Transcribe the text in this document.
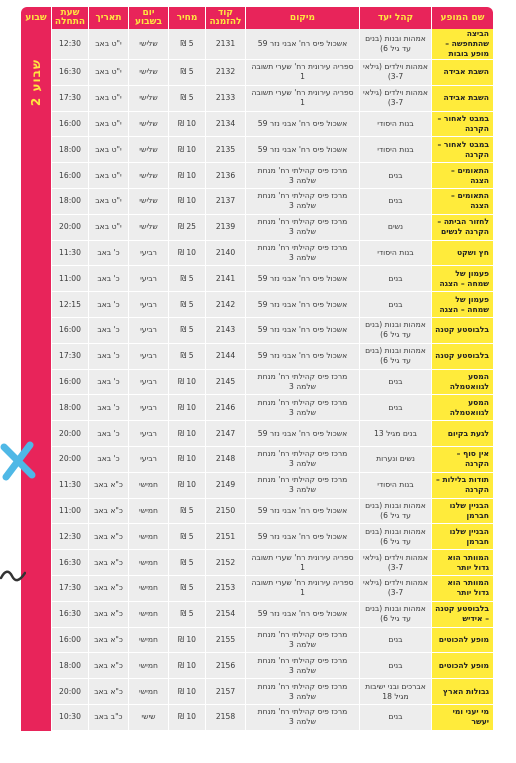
שם המופע	קהל יעד	מיקום	קוד להזמנה	מחיר	יום בשבוע	תאריך	שעת התחלה	שבוע
הביצה שהתחפשה – מופע בובות	אמהות ובנות (בנים עד גיל 6)	אשכול פיס רח' אבני נזר 59	2131	5 ₪	שלישי	י"ט באב	12:30	שבוע 2
השבת אבידה	אמהות וילדים (גילאי 3-7)	ספריה עירונית רח' שערי תשובה 1	2132	5 ₪	שלישי	י"ט באב	16:30	
השבת אבידה	אמהות וילדים (גילאי 3-7)	ספריה עירונית רח' שערי תשובה 1	2133	5 ₪	שלישי	י"ט באב	17:30	
במבט לאחור – הקרנה	בנות היסודי	אשכול פיס רח' אבני נזר 59	2134	10 ₪	שלישי	י"ט באב	16:00	
במבט לאחור – הקרנה	בנות היסודי	אשכול פיס רח' אבני נזר 59	2135	10 ₪	שלישי	י"ט באב	18:00	
התאומים – הצגה	בנים	מרכז פיס קהילתי רח' מנחת שלמה 3	2136	10 ₪	שלישי	י"ט באב	16:00	
התאומים – הצגה	בנים	מרכז פיס קהילתי רח' מנחת שלמה 3	2137	10 ₪	שלישי	י"ט באב	18:00	
לחזור הביתה – הקרנה לנשים	נשים	מרכז פיס קהילתי רח' מנחת שלמה 3	2139	25 ₪	שלישי	י"ט באב	20:00	
חץ ושקט	בנות היסודי	מרכז פיס קהילתי רח' מנחת שלמה 3	2140	10 ₪	רביעי	כ' באב	11:30	
פעמון של שמחה – הצגה	בנים	אשכול פיס רח' אבני נזר 59	2141	5 ₪	רביעי	כ' באב	11:00	
פעמון של שמחה – הצגה	בנים	אשכול פיס רח' אבני נזר 59	2142	5 ₪	רביעי	כ' באב	12:15	
בלבוסטע קטנה	אמהות ובנות (בנים עד גיל 6)	אשכול פיס רח' אבני נזר 59	2143	5 ₪	רביעי	כ' באב	16:00	
בלבוסטע קטנה	אמהות ובנות (בנים עד גיל 6)	אשכול פיס רח' אבני נזר 59	2144	5 ₪	רביעי	כ' באב	17:30	
המסע לגוואטמלה	בנים	מרכז פיס קהילתי רח' מנחת שלמה 3	2145	10 ₪	רביעי	כ' באב	16:00	
המסע לגוואטמלה	בנים	מרכז פיס קהילתי רח' מנחת שלמה 3	2146	10 ₪	רביעי	כ' באב	18:00	
לגעת בקיום	בנים מגיל 13	אשכול פיס רח' אבני נזר 59	2147	10 ₪	רביעי	כ' באב	20:00	
אין סוף – הקרנה	נשים ונערות	מרכז פיס קהילתי רח' מנחת שלמה 3	2148	10 ₪	רביעי	כ' באב	20:00	
תודות בלילות – הקרנה	בנות היסודי	מרכז פיס קהילתי רח' מנחת שלמה 3	2149	10 ₪	חמישי	כ"א באב	11:30	
הבניין שלנו חברמן	אמהות ובנות (בנים עד גיל 6)	אשכול פיס רח' אבני נזר 59	2150	5 ₪	חמישי	כ"א באב	11:00	
הבניין שלנו חברמן	אמהות ובנות (בנים עד גיל 6)	אשכול פיס רח' אבני נזר 59	2151	5 ₪	חמישי	כ"א באב	12:30	
המוותר הוא גדול יותר	אמהות וילדים (גילאי 3-7)	ספריה עירונית רח' שערי תשובה 1	2152	5 ₪	חמישי	כ"א באב	16:30	
המוותר הוא גדול יותר	אמהות וילדים (גילאי 3-7)	ספריה עירונית רח' שערי תשובה 1	2153	5 ₪	חמישי	כ"א באב	17:30	
בלבוסטע קטנה – אידיש	אמהות ובנות (בנים עד גיל 6)	אשכול פיס רח' אבני נזר 59	2154	5 ₪	חמישי	כ"א באב	16:30	
מופע להכוטים	בנים	מרכז פיס קהילתי רח' מנחת שלמה 3	2155	10 ₪	חמישי	כ"א באב	16:00	
מופע להכוטים	בנים	מרכז פיס קהילתי רח' מנחת שלמה 3	2156	10 ₪	חמישי	כ"א באב	18:00	
גבולות הארץ	אברכים ובני ישיבות מגיל 18	מרכז פיס קהילתי רח' מנחת שלמה 3	2157	10 ₪	חמישי	כ"א באב	20:00	
מי יעני ומי יעשר	בנים	מרכז פיס קהילתי רח' מנחת שלמה 3	2158	10 ₪	שישי	כ"ב באב	10:30	
